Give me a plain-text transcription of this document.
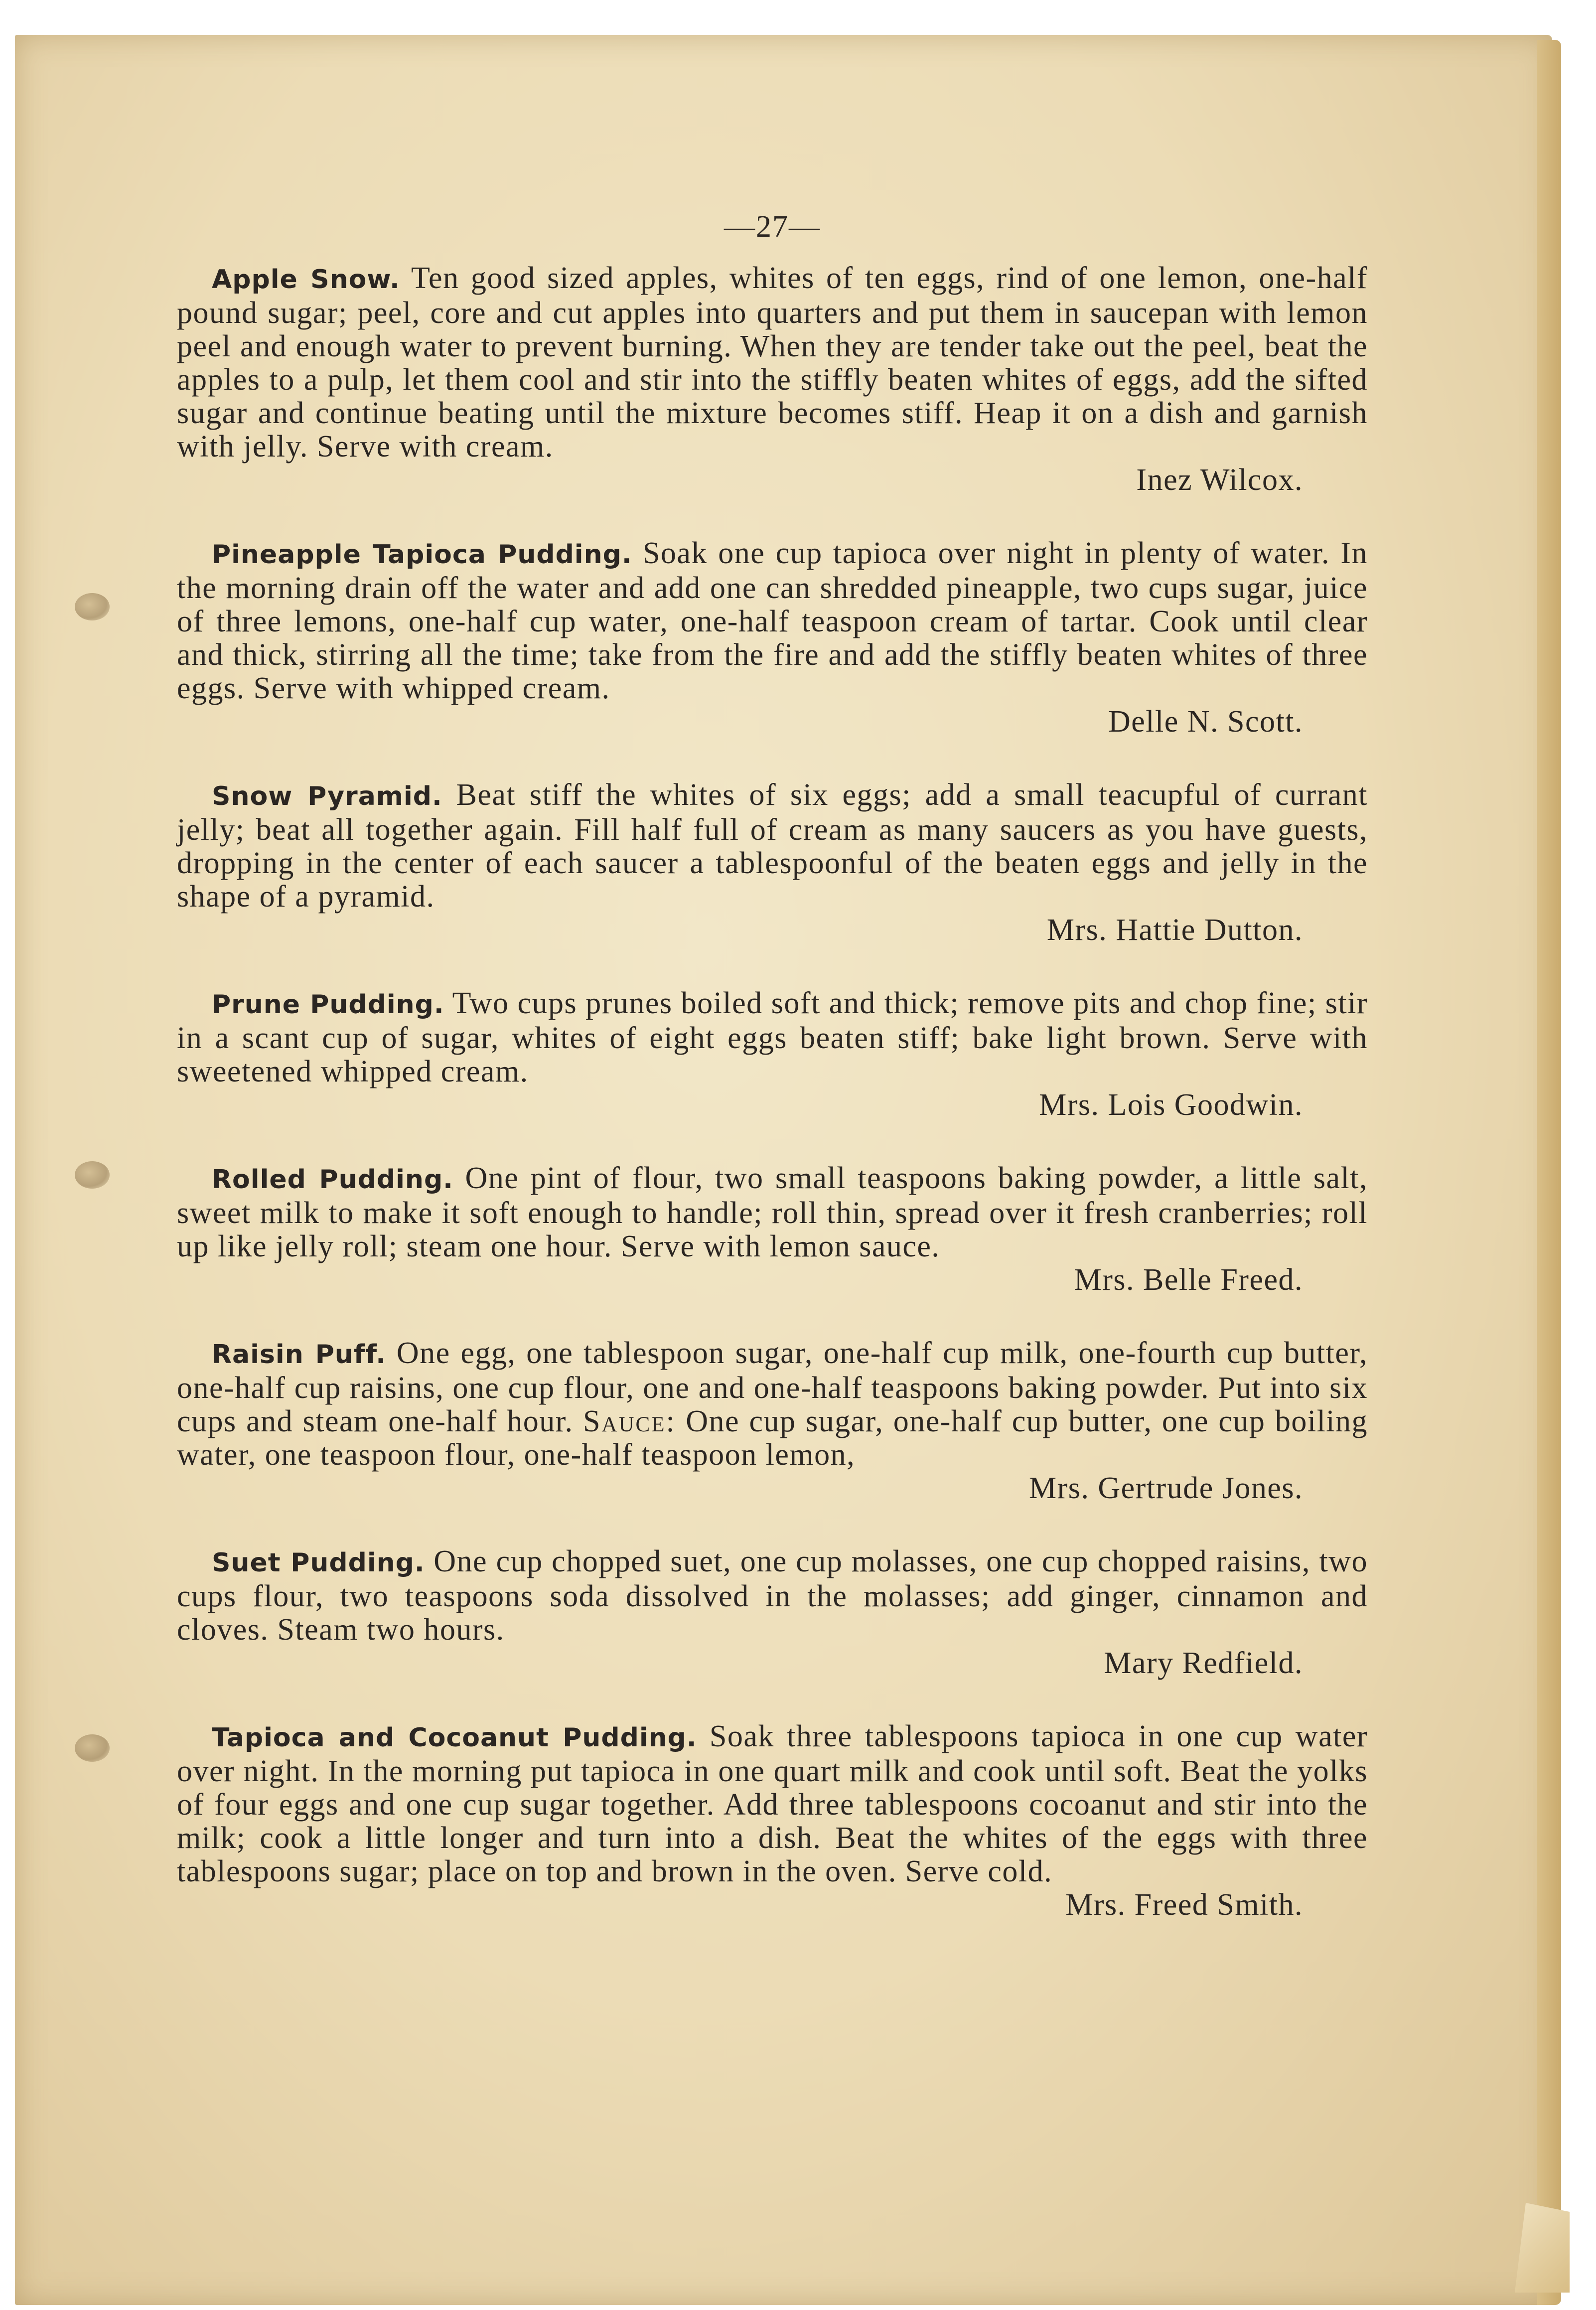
—27—

Apple Snow. Ten good sized apples, whites of ten eggs, rind of one lemon, one-half pound sugar; peel, core and cut apples into quarters and put them in saucepan with lemon peel and enough water to prevent burning. When they are tender take out the peel, beat the apples to a pulp, let them cool and stir into the stiffly beaten whites of eggs, add the sifted sugar and continue beating until the mixture becomes stiff. Heap it on a dish and garnish with jelly. Serve with cream.
Inez Wilcox.

Pineapple Tapioca Pudding. Soak one cup tapioca over night in plenty of water. In the morning drain off the water and add one can shredded pineapple, two cups sugar, juice of three lemons, one-half cup water, one-half teaspoon cream of tartar. Cook until clear and thick, stirring all the time; take from the fire and add the stiffly beaten whites of three eggs. Serve with whipped cream.
Delle N. Scott.

Snow Pyramid. Beat stiff the whites of six eggs; add a small teacupful of currant jelly; beat all together again. Fill half full of cream as many saucers as you have guests, dropping in the center of each saucer a tablespoonful of the beaten eggs and jelly in the shape of a pyramid.
Mrs. Hattie Dutton.

Prune Pudding. Two cups prunes boiled soft and thick; remove pits and chop fine; stir in a scant cup of sugar, whites of eight eggs beaten stiff; bake light brown. Serve with sweetened whipped cream.
Mrs. Lois Goodwin.

Rolled Pudding. One pint of flour, two small teaspoons baking powder, a little salt, sweet milk to make it soft enough to handle; roll thin, spread over it fresh cranberries; roll up like jelly roll; steam one hour. Serve with lemon sauce.
Mrs. Belle Freed.

Raisin Puff. One egg, one tablespoon sugar, one-half cup milk, one-fourth cup butter, one-half cup raisins, one cup flour, one and one-half teaspoons baking powder. Put into six cups and steam one-half hour. Sauce: One cup sugar, one-half cup butter, one cup boiling water, one teaspoon flour, one-half teaspoon lemon,
Mrs. Gertrude Jones.

Suet Pudding. One cup chopped suet, one cup molasses, one cup chopped raisins, two cups flour, two teaspoons soda dissolved in the molasses; add ginger, cinnamon and cloves. Steam two hours.
Mary Redfield.

Tapioca and Cocoanut Pudding. Soak three tablespoons tapioca in one cup water over night. In the morning put tapioca in one quart milk and cook until soft. Beat the yolks of four eggs and one cup sugar together. Add three tablespoons cocoanut and stir into the milk; cook a little longer and turn into a dish. Beat the whites of the eggs with three tablespoons sugar; place on top and brown in the oven. Serve cold.
Mrs. Freed Smith.
